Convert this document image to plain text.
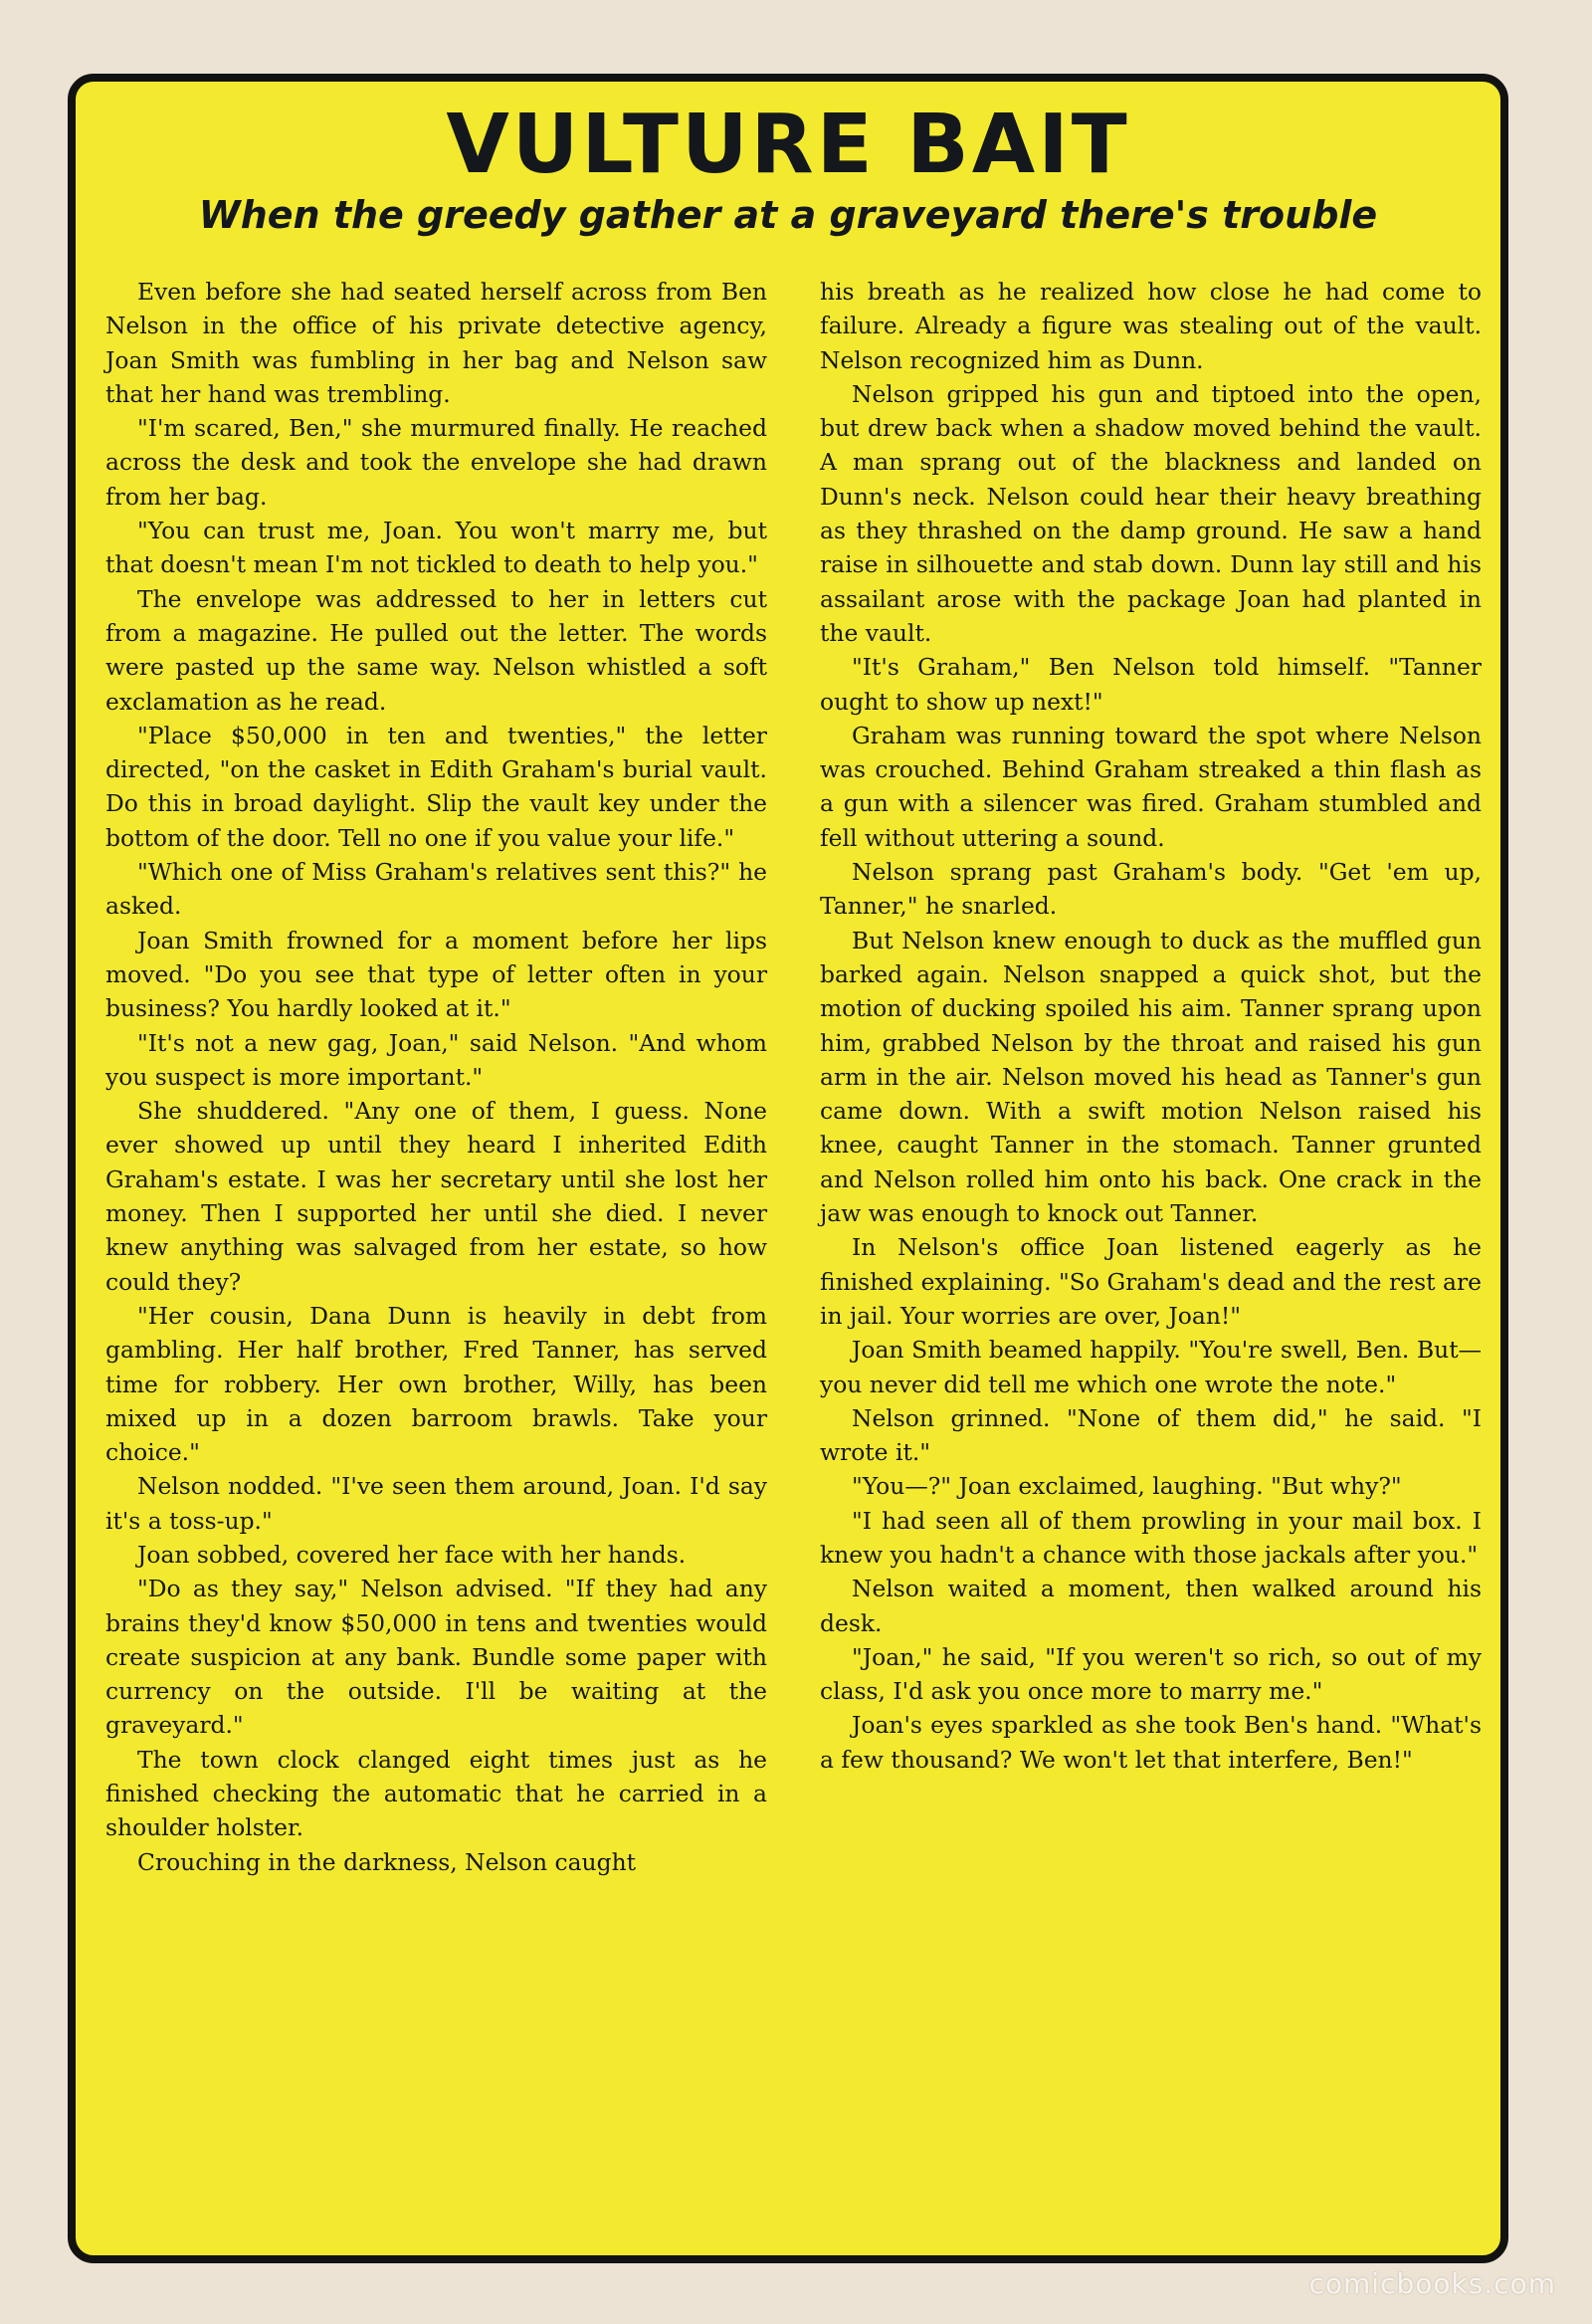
VULTURE BAIT
When the greedy gather at a graveyard there's trouble

Even before she had seated herself across from Ben Nelson in the office of his private detective agency, Joan Smith was fumbling in her bag and Nelson saw that her hand was trembling.

"I'm scared, Ben," she murmured finally. He reached across the desk and took the envelope she had drawn from her bag.

"You can trust me, Joan. You won't marry me, but that doesn't mean I'm not tickled to death to help you."

The envelope was addressed to her in letters cut from a magazine. He pulled out the letter. The words were pasted up the same way. Nelson whistled a soft exclamation as he read.

"Place $50,000 in ten and twenties," the letter directed, "on the casket in Edith Graham's burial vault. Do this in broad daylight. Slip the vault key under the bottom of the door. Tell no one if you value your life."

"Which one of Miss Graham's relatives sent this?" he asked.

Joan Smith frowned for a moment before her lips moved. "Do you see that type of letter often in your business? You hardly looked at it."

"It's not a new gag, Joan," said Nelson. "And whom you suspect is more important."

She shuddered. "Any one of them, I guess. None ever showed up until they heard I inherited Edith Graham's estate. I was her secretary until she lost her money. Then I supported her until she died. I never knew anything was salvaged from her estate, so how could they?

"Her cousin, Dana Dunn is heavily in debt from gambling. Her half brother, Fred Tanner, has served time for robbery. Her own brother, Willy, has been mixed up in a dozen barroom brawls. Take your choice."

Nelson nodded. "I've seen them around, Joan. I'd say it's a toss-up."

Joan sobbed, covered her face with her hands.

"Do as they say," Nelson advised. "If they had any brains they'd know $50,000 in tens and twenties would create suspicion at any bank. Bundle some paper with currency on the outside. I'll be waiting at the graveyard."

The town clock clanged eight times just as he finished checking the automatic that he carried in a shoulder holster.

Crouching in the darkness, Nelson caught

his breath as he realized how close he had come to failure. Already a figure was stealing out of the vault. Nelson recognized him as Dunn.

Nelson gripped his gun and tiptoed into the open, but drew back when a shadow moved behind the vault. A man sprang out of the blackness and landed on Dunn's neck. Nelson could hear their heavy breathing as they thrashed on the damp ground. He saw a hand raise in silhouette and stab down. Dunn lay still and his assailant arose with the package Joan had planted in the vault.

"It's Graham," Ben Nelson told himself. "Tanner ought to show up next!"

Graham was running toward the spot where Nelson was crouched. Behind Graham streaked a thin flash as a gun with a silencer was fired. Graham stumbled and fell without uttering a sound.

Nelson sprang past Graham's body. "Get 'em up, Tanner," he snarled.

But Nelson knew enough to duck as the muffled gun barked again. Nelson snapped a quick shot, but the motion of ducking spoiled his aim. Tanner sprang upon him, grabbed Nelson by the throat and raised his gun arm in the air. Nelson moved his head as Tanner's gun came down. With a swift motion Nelson raised his knee, caught Tanner in the stomach. Tanner grunted and Nelson rolled him onto his back. One crack in the jaw was enough to knock out Tanner.

In Nelson's office Joan listened eagerly as he finished explaining. "So Graham's dead and the rest are in jail. Your worries are over, Joan!"

Joan Smith beamed happily. "You're swell, Ben. But—you never did tell me which one wrote the note."

Nelson grinned. "None of them did," he said. "I wrote it."

"You—?" Joan exclaimed, laughing. "But why?"

"I had seen all of them prowling in your mail box. I knew you hadn't a chance with those jackals after you."

Nelson waited a moment, then walked around his desk.

"Joan," he said, "If you weren't so rich, so out of my class, I'd ask you once more to marry me."

Joan's eyes sparkled as she took Ben's hand. "What's a few thousand? We won't let that interfere, Ben!"

comicbooks.com
